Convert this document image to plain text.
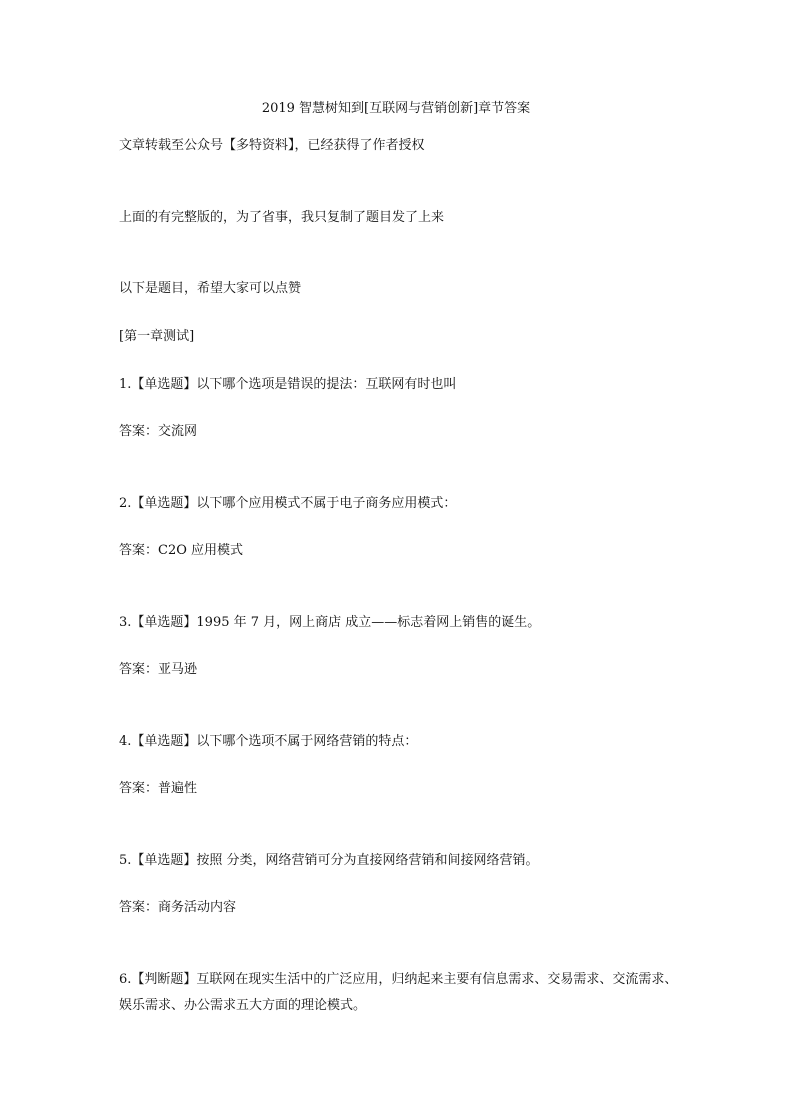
2019 智慧树知到[互联网与营销创新]章节答案
文章转载至公众号【多特资料】，已经获得了作者授权
上面的有完整版的，为了省事，我只复制了题目发了上来
以下是题目，希望大家可以点赞
[第一章测试]
1.【单选题】以下哪个选项是错误的提法：互联网有时也叫
答案：交流网
2.【单选题】以下哪个应用模式不属于电子商务应用模式：
答案：C2O 应用模式
3.【单选题】1995 年 7 月，网上商店 成立——标志着网上销售的诞生。
答案：亚马逊
4.【单选题】以下哪个选项不属于网络营销的特点：
答案：普遍性
5.【单选题】按照 分类，网络营销可分为直接网络营销和间接网络营销。
答案：商务活动内容
6.【判断题】互联网在现实生活中的广泛应用，归纳起来主要有信息需求、交易需求、交流需求、娱乐需求、办公需求五大方面的理论模式。
